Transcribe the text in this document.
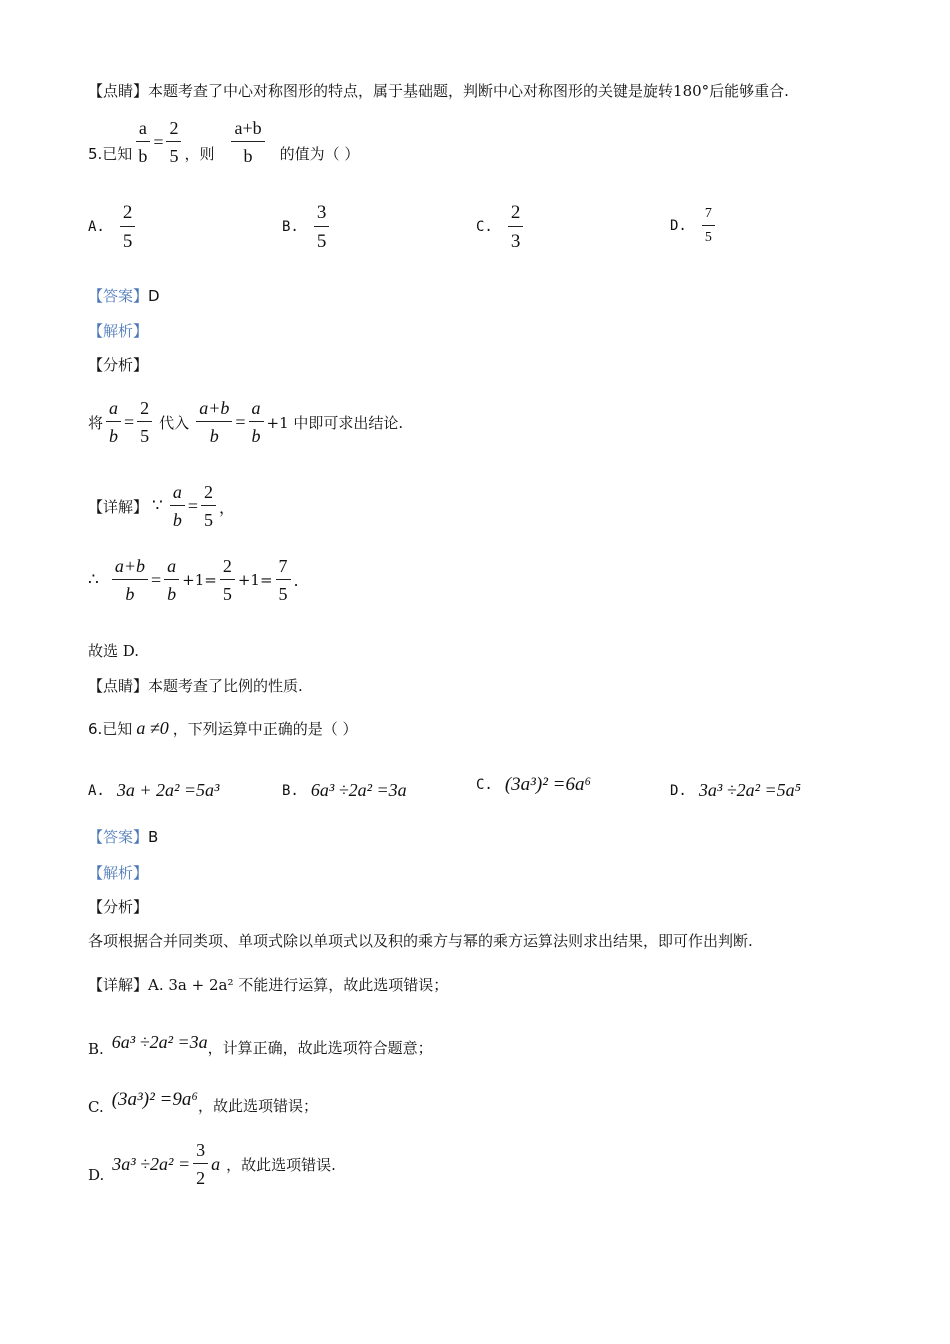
【点睛】 本题考查了中心对称图形的特点，属于基础题，判断中心对称图形的关键是旋转180°后能够重合.
5.已知 $\frac{a}{b} = \frac{2}{5}$ ，则 $\frac{a+b}{b}$ 的值为（ ）
A. $\frac{2}{5}$	B. $\frac{3}{5}$	C. $\frac{2}{3}$	D. $\frac{7}{5}$
【答案】 D
【解析】
【分析】
将 $\frac{a}{b} = \frac{2}{5}$ 代入 $\frac{a+b}{b} = \frac{a}{b} +1$ 中即可求出结论.
【详解】 ∵ $\frac{a}{b} = \frac{2}{5}$ ，
∴ $\frac{a+b}{b} = \frac{a}{b} +1= \frac{2}{5} +1= \frac{7}{5}$ .
故选 D.
【点睛】 本题考查了比例的性质.
6.已知 a ≠0 ，下列运算中正确的是（ ）
A. 3a + 2a² =5a³	B. 6a³ ÷2a² =3a	C. (3a³)² =6a⁶	D. 3a³ ÷2a² =5a⁵
【答案】 B
【解析】
【分析】
各项根据合并同类项、单项式除以单项式以及积的乘方与幂的乘方运算法则求出结果，即可作出判断.
【详解】 A. 3a + 2a² 不能进行运算，故此选项错误；
B. 6a³ ÷2a² =3a ，计算正确，故此选项符合题意；
C. (3a³)² =9a⁶ ，故此选项错误；
D.
$3a^3 \div 2a^2 = \frac{3}{2}$ a ，故此选项错误.
